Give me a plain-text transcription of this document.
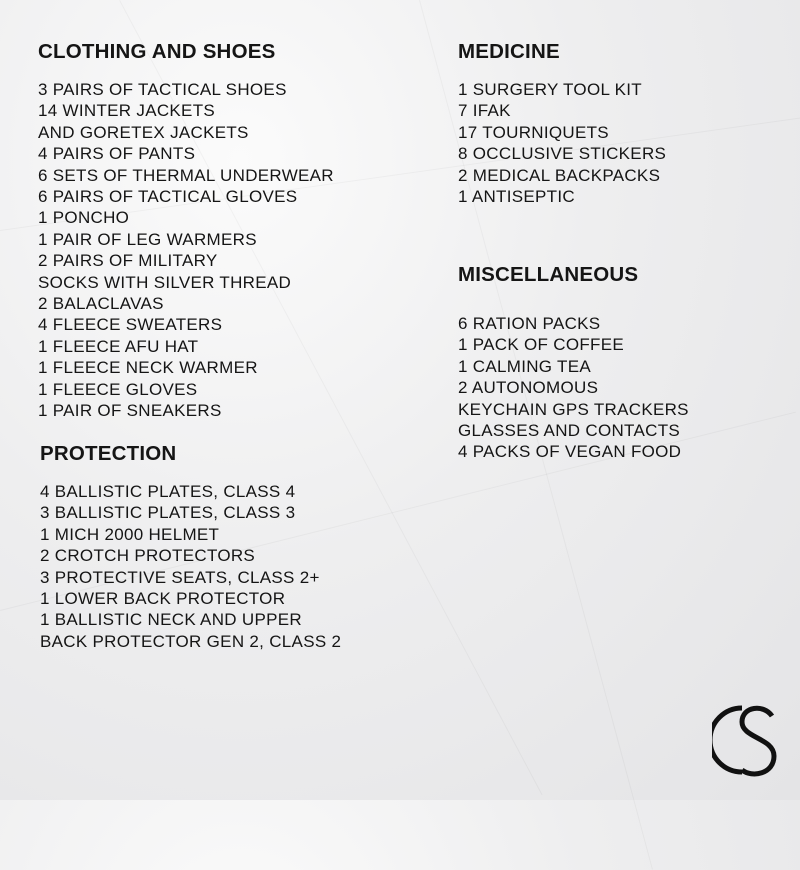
CLOTHING AND SHOES
3 PAIRS OF TACTICAL SHOES
14 WINTER JACKETS
AND GORETEX JACKETS
4 PAIRS OF PANTS
6 SETS OF THERMAL UNDERWEAR
6 PAIRS OF TACTICAL GLOVES
1 PONCHO
1 PAIR OF LEG WARMERS
2 PAIRS OF MILITARY
SOCKS WITH SILVER THREAD
2 BALACLAVAS
4 FLEECE SWEATERS
1 FLEECE AFU HAT
1 FLEECE NECK WARMER
1 FLEECE GLOVES
1 PAIR OF SNEAKERS
PROTECTION
4 BALLISTIC PLATES, CLASS 4
3 BALLISTIC PLATES, CLASS 3
1 MICH 2000 HELMET
2 CROTCH PROTECTORS
3 PROTECTIVE SEATS, CLASS 2+
1 LOWER BACK PROTECTOR
1 BALLISTIC NECK AND UPPER
BACK PROTECTOR GEN 2, CLASS 2
MEDICINE
1 SURGERY TOOL KIT
7 IFAK
17 TOURNIQUETS
8 OCCLUSIVE STICKERS
2 MEDICAL BACKPACKS
1 ANTISEPTIC
MISCELLANEOUS
6 RATION PACKS
1 PACK OF COFFEE
1 CALMING TEA
2 AUTONOMOUS
KEYCHAIN GPS TRACKERS
GLASSES AND CONTACTS
4 PACKS OF VEGAN FOOD
